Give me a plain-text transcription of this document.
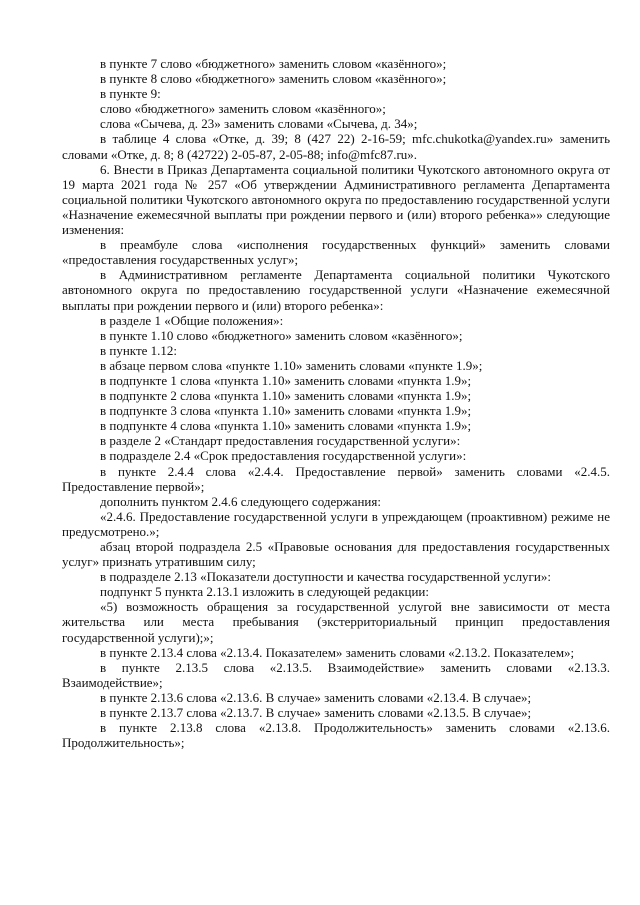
в пункте 7 слово «бюджетного» заменить словом «казённого»;

в пункте 8 слово «бюджетного» заменить словом «казённого»;

в пункте 9:

слово «бюджетного» заменить словом «казённого»;

слова «Сычева, д. 23» заменить словами «Сычева, д. 34»;

в таблице 4 слова «Отке, д. 39; 8 (427 22) 2-16-59; mfc.chukotka@yandex.ru» заменить словами «Отке, д. 8; 8 (42722) 2-05-87, 2-05-88; info@mfc87.ru».

6. Внести в Приказ Департамента социальной политики Чукотского автономного округа от 19 марта 2021 года № 257 «Об утверждении Административного регламента Департамента социальной политики Чукотского автономного округа по предоставлению государственной услуги «Назначение ежемесячной выплаты при рождении первого и (или) второго ребенка»» следующие изменения:

в преамбуле слова «исполнения государственных функций» заменить словами «предоставления государственных услуг»;

в Административном регламенте Департамента социальной политики Чукотского автономного округа по предоставлению государственной услуги «Назначение ежемесячной выплаты при рождении первого и (или) второго ребенка»:

в разделе 1 «Общие положения»:

в пункте 1.10 слово «бюджетного» заменить словом «казённого»;

в пункте 1.12:

в абзаце первом слова «пункте 1.10» заменить словами «пункте 1.9»;

в подпункте 1 слова «пункта 1.10» заменить словами «пункта 1.9»;

в подпункте 2 слова «пункта 1.10» заменить словами «пункта 1.9»;

в подпункте 3 слова «пункта 1.10» заменить словами «пункта 1.9»;

в подпункте 4 слова «пункта 1.10» заменить словами «пункта 1.9»;

в разделе 2 «Стандарт предоставления государственной услуги»:

в подразделе 2.4 «Срок предоставления государственной услуги»:

в пункте 2.4.4 слова «2.4.4. Предоставление первой» заменить словами «2.4.5. Предоставление первой»;

дополнить пунктом 2.4.6 следующего содержания:

«2.4.6. Предоставление государственной услуги в упреждающем (проактивном) режиме не предусмотрено.»;

абзац второй подраздела 2.5 «Правовые основания для предоставления государственных услуг» признать утратившим силу;

в подразделе 2.13 «Показатели доступности и качества государственной услуги»:

подпункт 5 пункта 2.13.1 изложить в следующей редакции:

«5) возможность обращения за государственной услугой вне зависимости от места жительства или места пребывания (экстерриториальный принцип предоставления государственной услуги);»;

в пункте 2.13.4 слова «2.13.4. Показателем» заменить словами «2.13.2. Показателем»;

в пункте 2.13.5 слова «2.13.5. Взаимодействие» заменить словами «2.13.3. Взаимодействие»;

в пункте 2.13.6 слова «2.13.6. В случае» заменить словами «2.13.4. В случае»;

в пункте 2.13.7 слова «2.13.7. В случае» заменить словами «2.13.5. В случае»;

в пункте 2.13.8 слова «2.13.8. Продолжительность» заменить словами «2.13.6. Продолжительность»;
